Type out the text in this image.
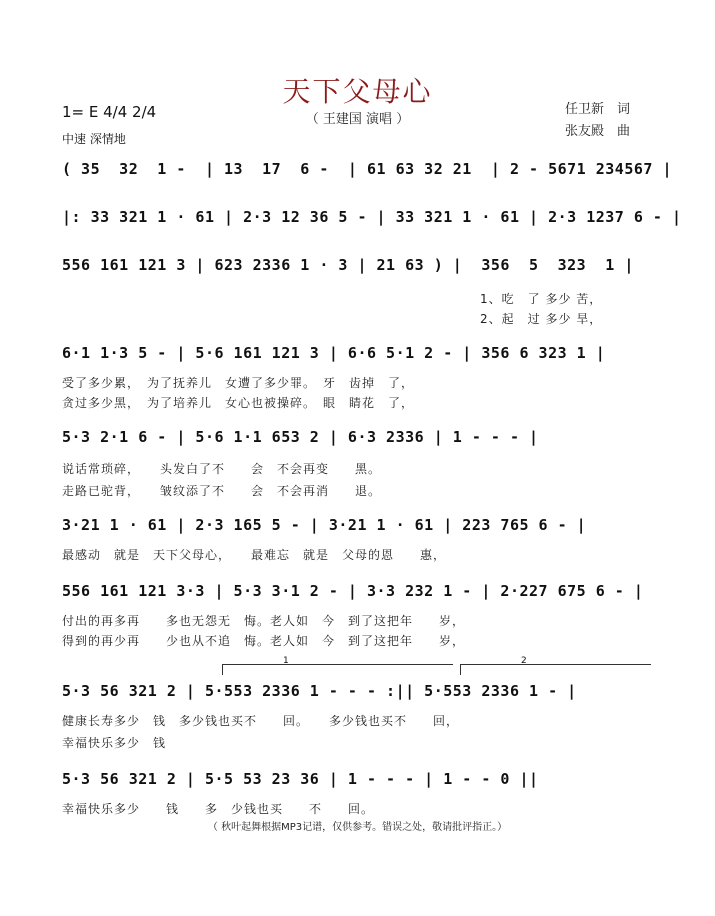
天下父母心
（ 王建国 演唱 ）
任卫新　词
张友殿　曲
1= E 4/4 2/4
中速 深情地
( 35  32  1 -  | 13  17  6 -  | 61 63 32 21  | 2 - 5671 234567 |
|: 33 321 1 · 61 | 2·3 12 36 5 - | 33 321 1 · 61 | 2·3 1237 6 - |
556 161 121 3 | 623 2336 1 · 3 | 21 63 ) |  356  5  323  1 |
6·1 1·3 5 - | 5·6 161 121 3 | 6·6 5·1 2 - | 356 6 323 1 |
5·3 2·1 6 - | 5·6 1·1 653 2 | 6·3 2336 | 1 - - - |
3·21 1 · 61 | 2·3 165 5 - | 3·21 1 · 61 | 223 765 6 - |
556 161 121 3·3 | 5·3 3·1 2 - | 3·3 232 1 - | 2·227 675 6 - |
5·3 56 321 2 | 5·553 2336 1 - - - :|| 5·553 2336 1 - |
5·3 56 321 2 | 5·5 53 23 36 | 1 - - - | 1 - - 0 ||
1	2
1、吃　了 多少 苦，
2、起　过 多少 旱，
受了多少累，　为了抚养儿　女遭了多少罪。　牙　齿掉　了，
贪过多少黑，　为了培养儿　女心也被操碎。　眼　睛花　了，
说话常琐碎，　　头发白了不　　会　不会再变　　黑。
走路已驼背，　　皱纹添了不　　会　不会再消　　退。
最感动　就是　天下父母心，　　最难忘　就是　父母的恩　　惠，
付出的再多再　　多也无怨无　悔。老人如　今　到了这把年　　岁，
得到的再少再　　少也从不追　悔。老人如　今　到了这把年　　岁，
健康长寿多少　钱　多少钱也买不　　回。　　多少钱也买不　　回，
幸福快乐多少　钱
幸福快乐多少　　钱　　多　少钱也买　　不　　回。
（ 秋叶起舞根据MP3记谱，仅供参考。错误之处，敬请批评指正。）
